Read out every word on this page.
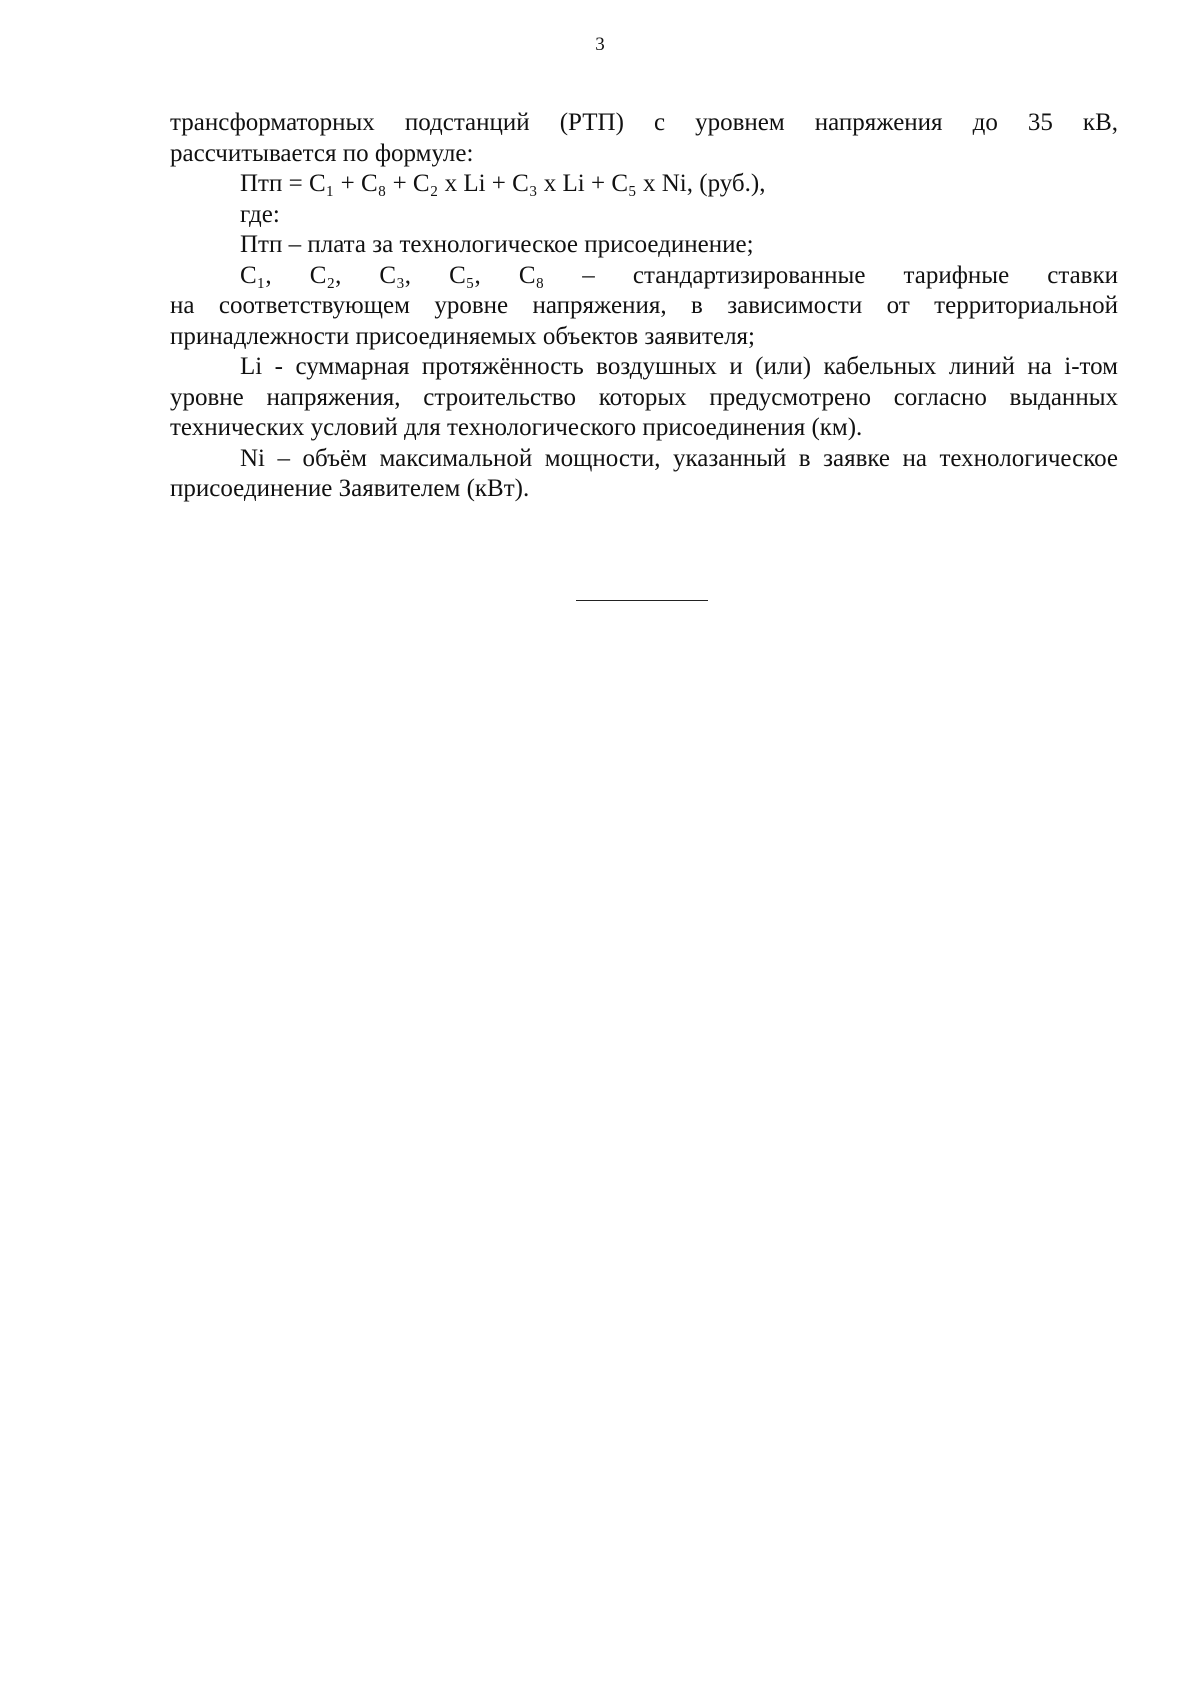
3
трансформаторных подстанций (РТП) с уровнем напряжения до 35 кВ,
рассчитывается по формуле:
Птп = C₁ + C₈ + C₂ x Li + C₃ x Li + C₅ x Ni, (руб.),
где:
Птп – плата за технологическое присоединение;
C₁, C₂, C₃, C₅, C₈ – стандартизированные тарифные ставки
на соответствующем уровне напряжения, в зависимости от территориальной
принадлежности присоединяемых объектов заявителя;
Li - суммарная протяжённость воздушных и (или) кабельных линий на i-том
уровне напряжения, строительство которых предусмотрено согласно выданных
технических условий для технологического присоединения (км).
Ni – объём максимальной мощности, указанный в заявке на технологическое
присоединение Заявителем (кВт).
